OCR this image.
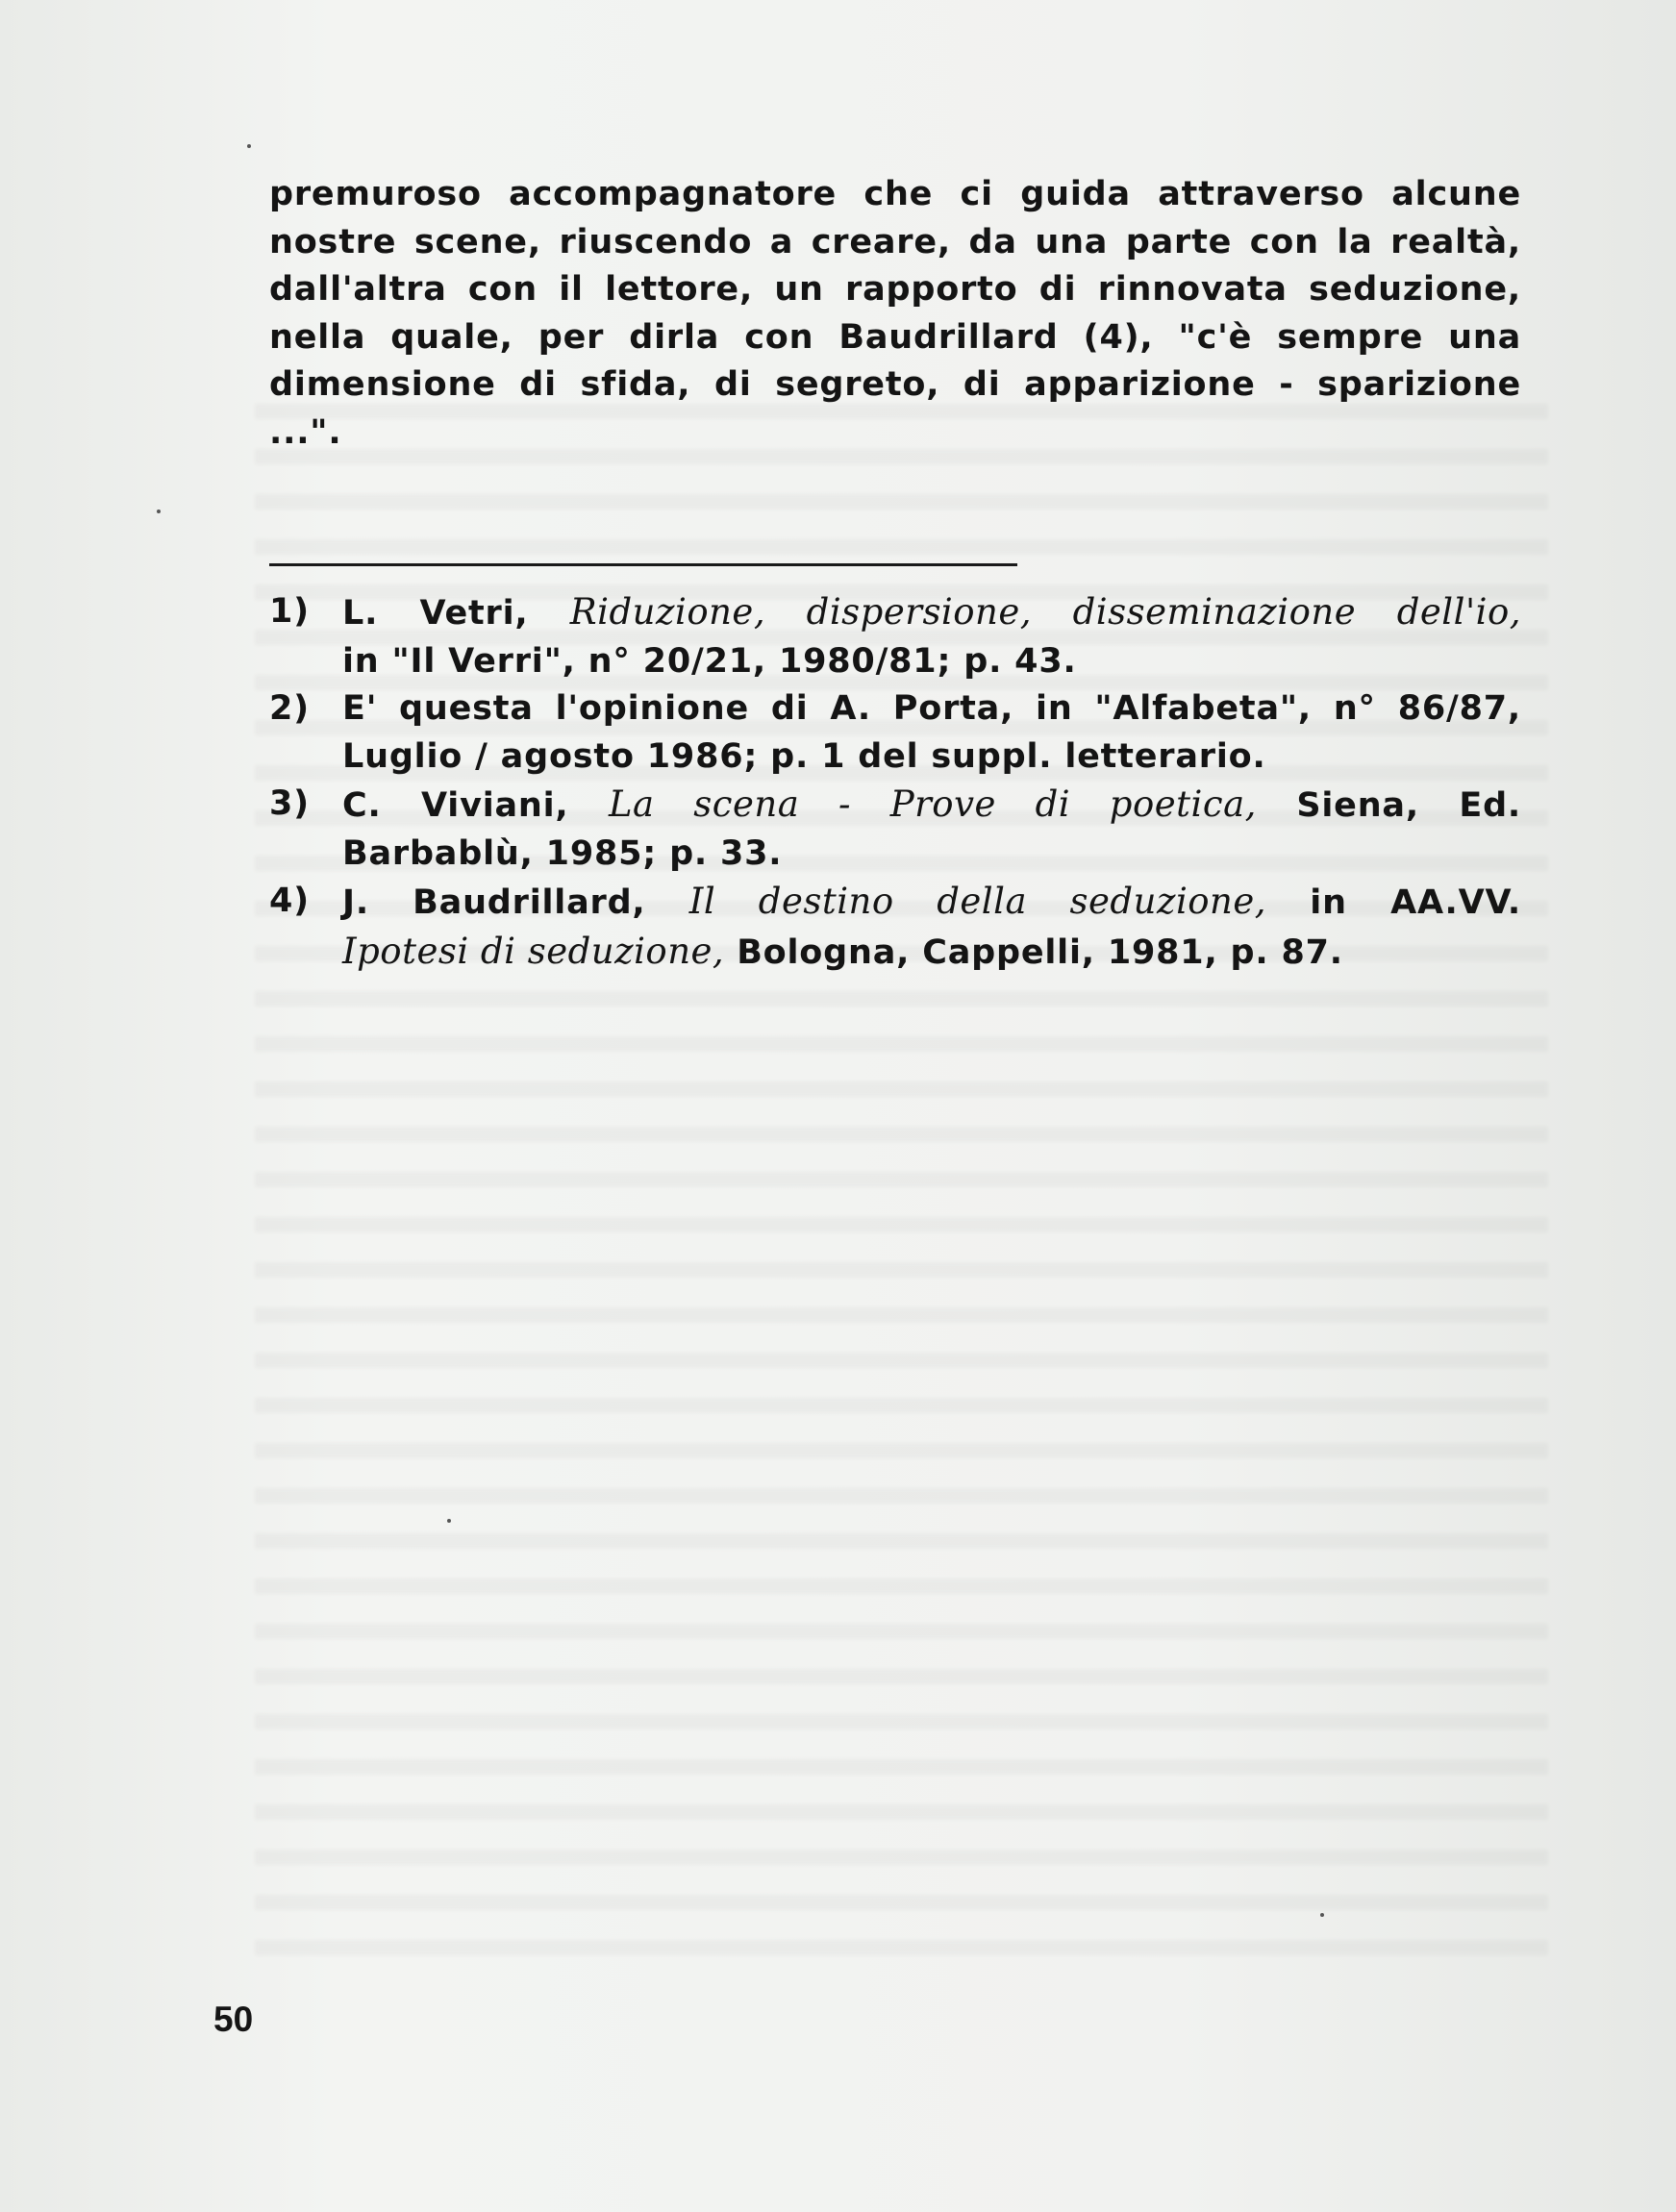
premuroso accompagnatore che ci guida attraverso alcune
nostre scene, riuscendo a creare, da una parte con la realtà,
dall'altra con il lettore, un rapporto di rinnovata seduzione,
nella quale, per dirla con Baudrillard (4), "c'è sempre una
dimensione di sfida, di segreto, di apparizione - sparizione
...".
1) L. Vetri, Riduzione, dispersione, disseminazione dell'io,
in "Il Verri", n° 20/21, 1980/81; p. 43.
2) E' questa l'opinione di A. Porta, in "Alfabeta", n° 86/87,
Luglio / agosto 1986; p. 1 del suppl. letterario.
3) C. Viviani, La scena - Prove di poetica, Siena, Ed.
Barbablù, 1985; p. 33.
4) J. Baudrillard, Il destino della seduzione, in AA.VV.
Ipotesi di seduzione, Bologna, Cappelli, 1981, p. 87.
50
